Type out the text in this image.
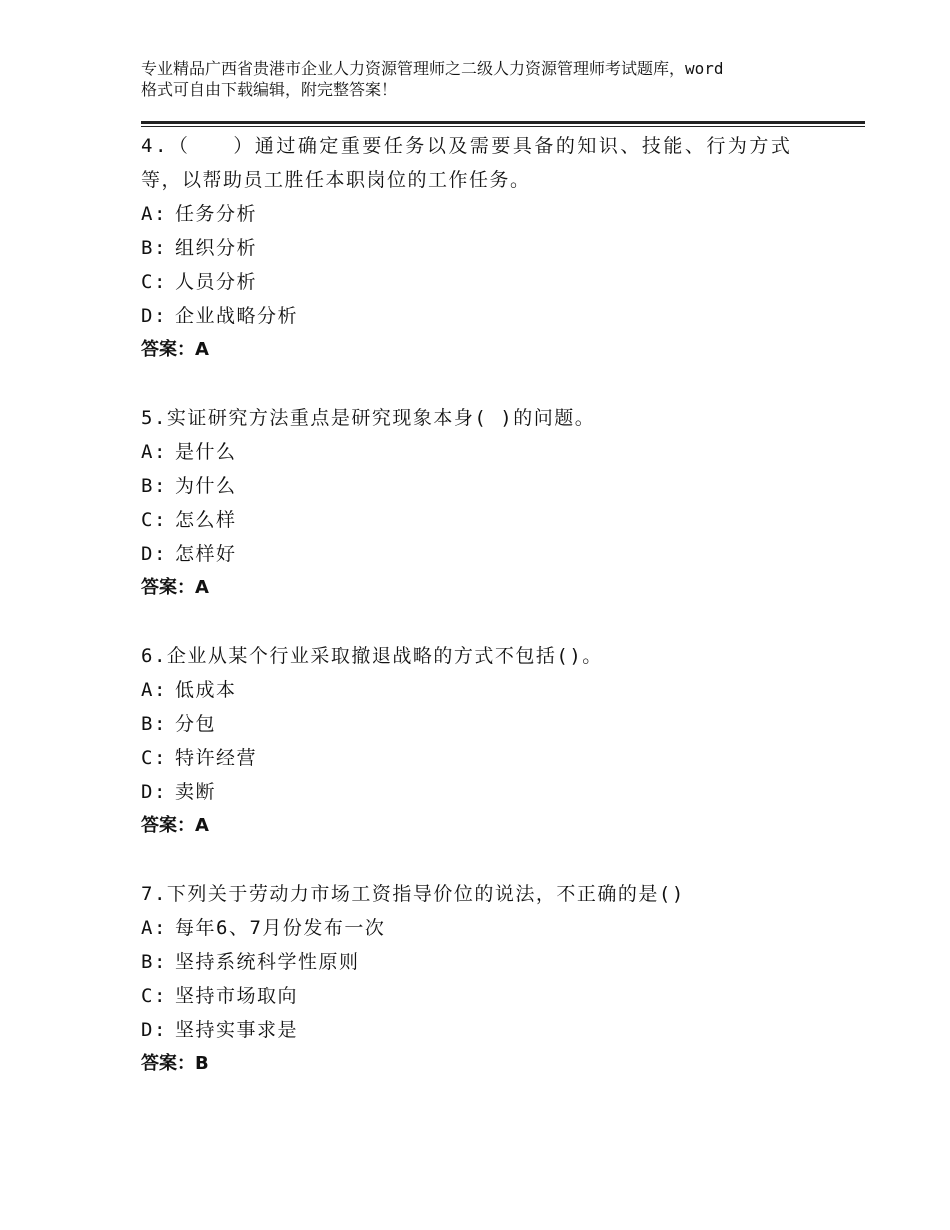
专业精品广西省贵港市企业人力资源管理师之二级人力资源管理师考试题库，word
格式可自由下载编辑，附完整答案！
4.（　　）通过确定重要任务以及需要具备的知识、技能、行为方式
等，以帮助员工胜任本职岗位的工作任务。
A: 任务分析
B: 组织分析
C: 人员分析
D: 企业战略分析
答案：A
5.实证研究方法重点是研究现象本身( )的问题。
A: 是什么
B: 为什么
C: 怎么样
D: 怎样好
答案：A
6.企业从某个行业采取撤退战略的方式不包括()。
A: 低成本
B: 分包
C: 特许经营
D: 卖断
答案：A
7.下列关于劳动力市场工资指导价位的说法，不正确的是()
A: 每年6、7月份发布一次
B: 坚持系统科学性原则
C: 坚持市场取向
D: 坚持实事求是
答案：B
